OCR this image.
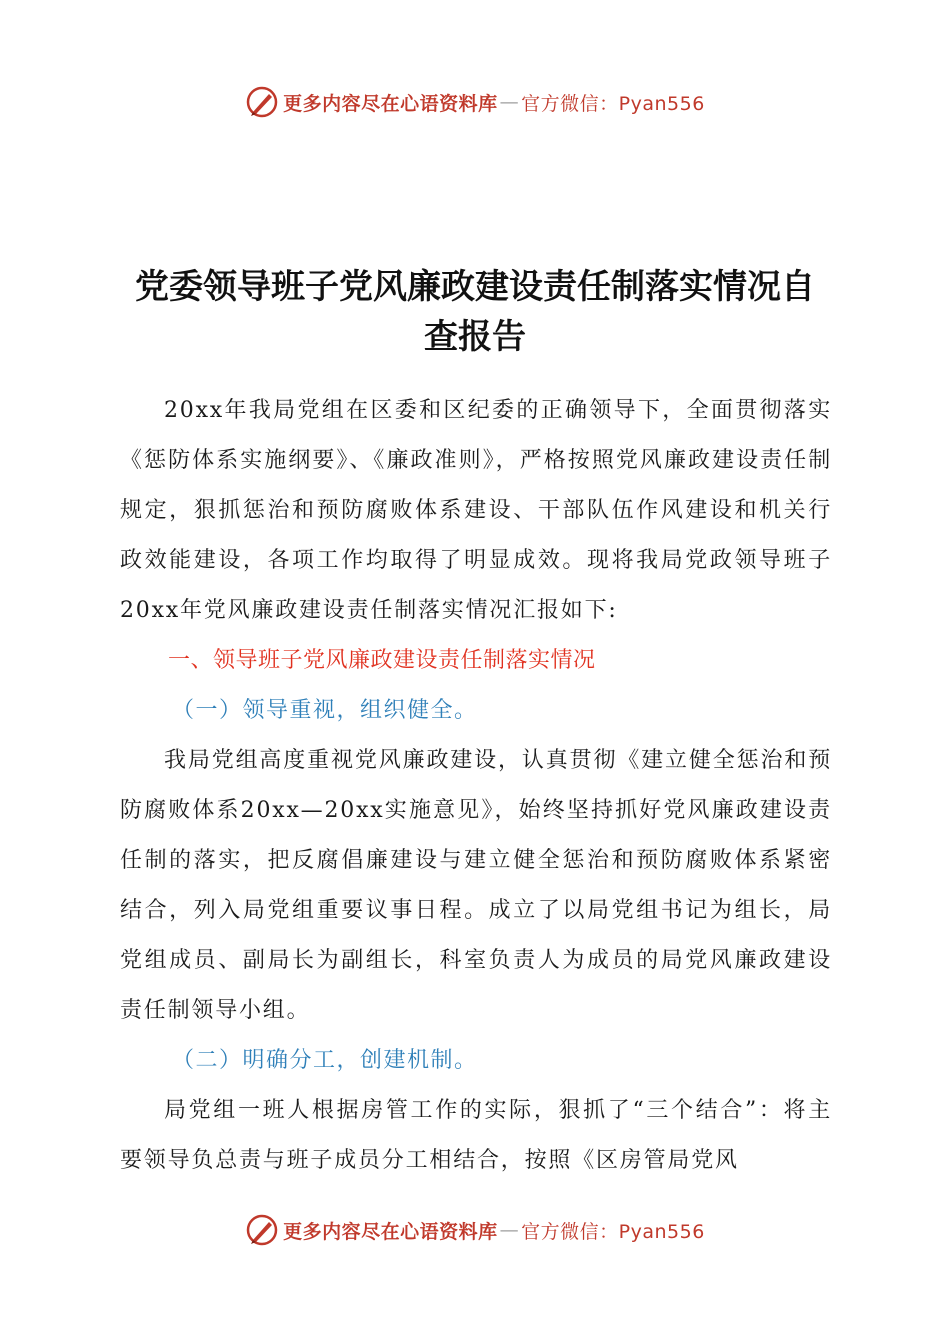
更多内容尽在心语资料库 — 官方微信：Pyan556
党委领导班子党风廉政建设责任制落实情况自
查报告

20xx年我局党组在区委和区纪委的正确领导下，全面贯彻落实《惩防体系实施纲要》、《廉政准则》，严格按照党风廉政建设责任制规定，狠抓惩治和预防腐败体系建设、干部队伍作风建设和机关行政效能建设，各项工作均取得了明显成效。现将我局党政领导班子20xx年党风廉政建设责任制落实情况汇报如下:

一、领导班子党风廉政建设责任制落实情况

（一）领导重视，组织健全。

我局党组高度重视党风廉政建设，认真贯彻《建立健全惩治和预防腐败体系20xx—20xx实施意见》，始终坚持抓好党风廉政建设责任制的落实，把反腐倡廉建设与建立健全惩治和预防腐败体系紧密结合，列入局党组重要议事日程。成立了以局党组书记为组长，局党组成员、副局长为副组长，科室负责人为成员的局党风廉政建设责任制领导小组。

（二）明确分工，创建机制。

局党组一班人根据房管工作的实际，狠抓了“三个结合”：将主要领导负总责与班子成员分工相结合，按照《区房管局党风

更多内容尽在心语资料库 — 官方微信：Pyan556
